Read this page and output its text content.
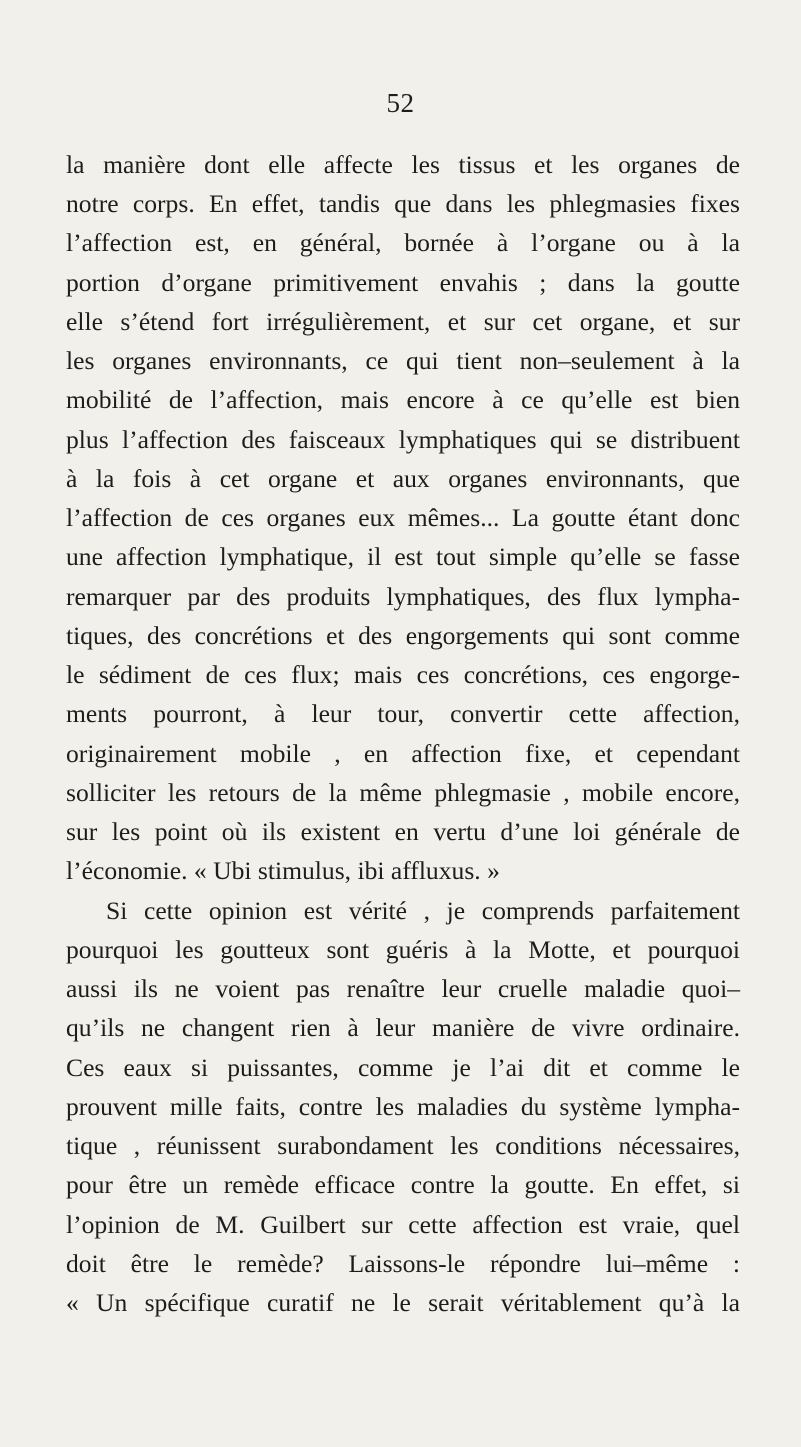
52
la manière dont elle affecte les tissus et les organes de
notre corps. En effet, tandis que dans les phlegmasies fixes
l’affection est, en général, bornée à l’organe ou à la
portion d’organe primitivement envahis ; dans la goutte
elle s’étend fort irrégulièrement, et sur cet organe, et sur
les organes environnants, ce qui tient non–seulement à la
mobilité de l’affection, mais encore à ce qu’elle est bien
plus l’affection des faisceaux lymphatiques qui se distribuent
à la fois à cet organe et aux organes environnants, que
l’affection de ces organes eux mêmes... La goutte étant donc
une affection lymphatique, il est tout simple qu’elle se fasse
remarquer par des produits lymphatiques, des flux lympha-
tiques, des concrétions et des engorgements qui sont comme
le sédiment de ces flux; mais ces concrétions, ces engorge-
ments pourront, à leur tour, convertir cette affection,
originairement mobile , en affection fixe, et cependant
solliciter les retours de la même phlegmasie , mobile encore,
sur les point où ils existent en vertu d’une loi générale de
l’économie. « Ubi stimulus, ibi affluxus. »
Si cette opinion est vérité , je comprends parfaitement
pourquoi les goutteux sont guéris à la Motte, et pourquoi
aussi ils ne voient pas renaître leur cruelle maladie quoi–
qu’ils ne changent rien à leur manière de vivre ordinaire.
Ces eaux si puissantes, comme je l’ai dit et comme le
prouvent mille faits, contre les maladies du système lympha-
tique , réunissent surabondament les conditions nécessaires,
pour être un remède efficace contre la goutte. En effet, si
l’opinion de M. Guilbert sur cette affection est vraie, quel
doit être le remède? Laissons-le répondre lui–même :
« Un spécifique curatif ne le serait véritablement qu’à la
